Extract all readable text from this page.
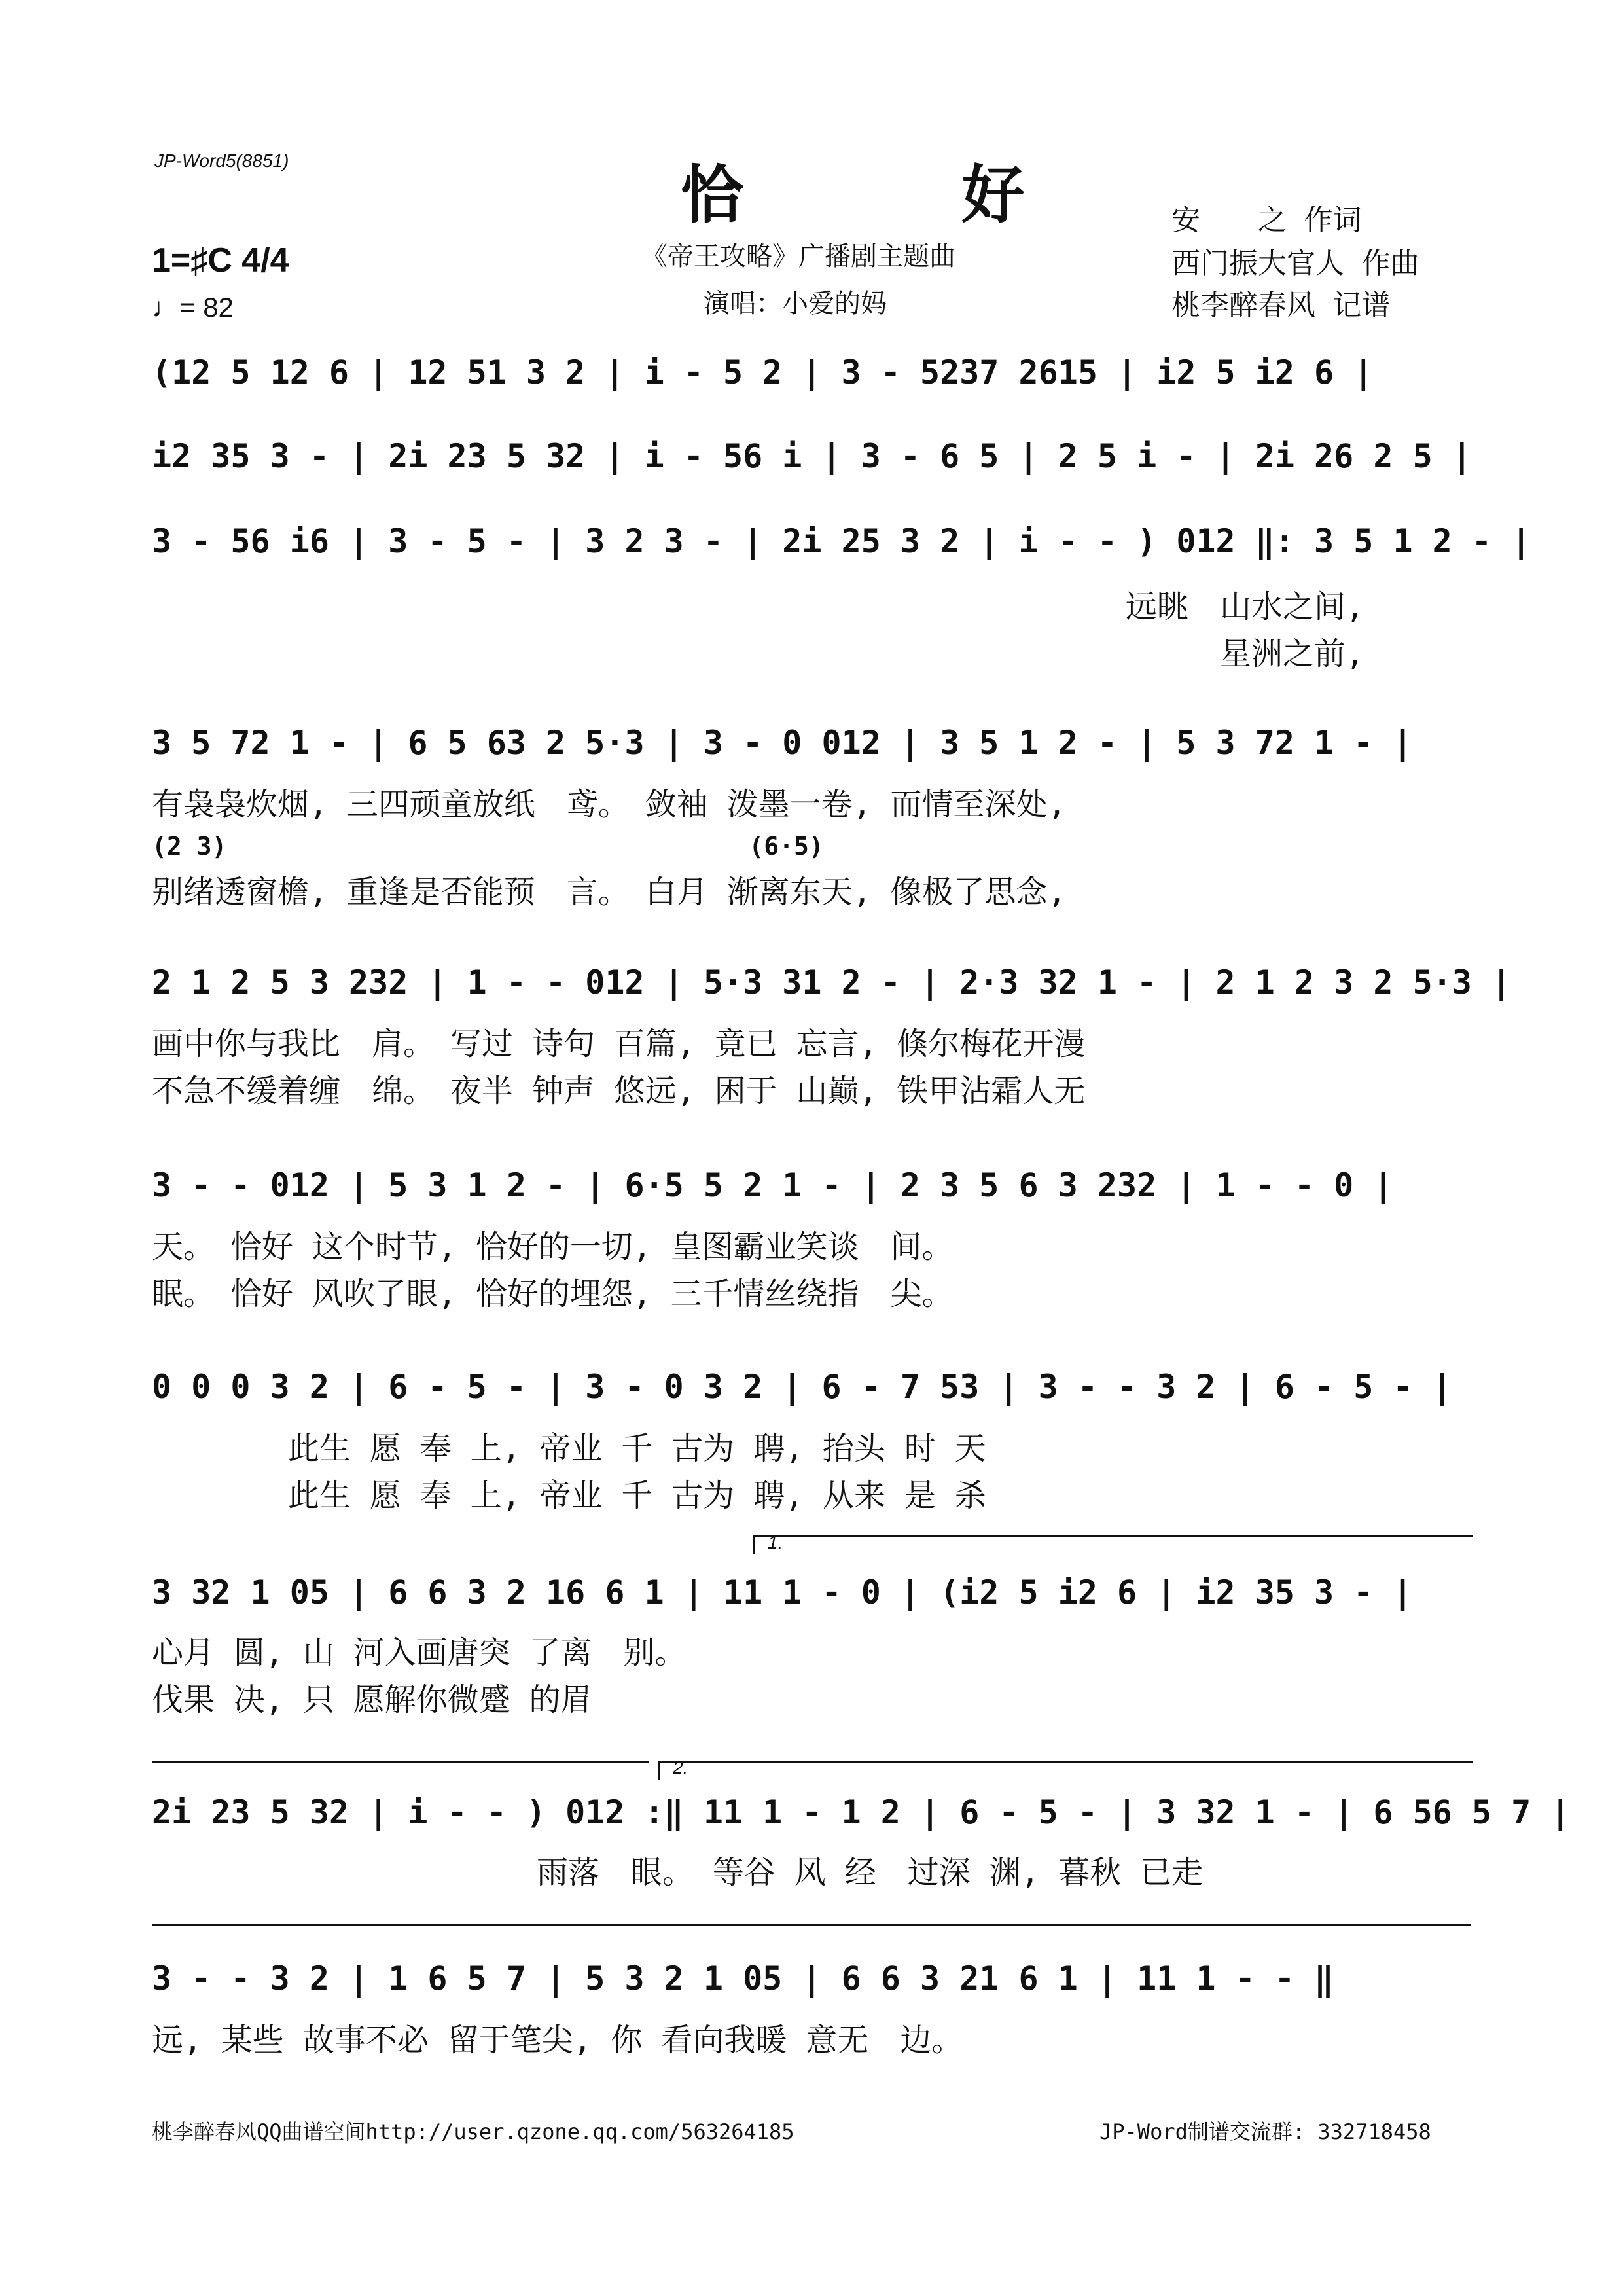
JP-Word5(8851)	恰 好
《帝王攻略》广播剧主题曲
演唱：小爱的妈
安　　之 作词
西门振大官人 作曲
桃李醉春风 记谱
1=♯C 4/4
♩= 82
(12 5 12 6 | 12 51 3 2 | i - 5 2 | 3 - 5237 2615 | i2 5 i2 6 |
i2 35 3 - | 2i 23 5 32 | i - 56 i | 3 - 6 5 | 2 5 i - | 2i 26 2 5 |
3 - 56 i6 | 3 - 5 - | 3 2 3 - | 2i 25 3 2 | i - - ) 012 ‖: 3 5 1 2 - |
远眺　山水之间,
　　　星洲之前,
3 5 72 1 - | 6 5 63 2 5·3 | 3 - 0 012 | 3 5 1 2 - | 5 3 72 1 - |
有袅袅炊烟, 三四顽童放纸　鸢。　敛袖 泼墨一卷, 而情至深处,
(2 3)　　　　　　　　　　　　　　　　　　　　　(6·5)
别绪透窗檐, 重逢是否能预　言。　白月 渐离东天, 像极了思念,
2 1 2 5 3 232 | 1 - - 012 | 5·3 31 2 - | 2·3 32 1 - | 2 1 2 3 2 5·3 |
画中你与我比　肩。　写过 诗句 百篇, 竟已 忘言, 倏尔梅花开漫
不急不缓着缠　绵。　夜半 钟声 悠远, 困于 山巅, 铁甲沾霜人无
3 - - 012 | 5 3 1 2 - | 6·5 5 2 1 - | 2 3 5 6 3 232 | 1 - - 0 |
天。　恰好 这个时节, 恰好的一切, 皇图霸业笑谈　间。
眠。　恰好 风吹了眼, 恰好的埋怨, 三千情丝绕指　尖。
0 0 0 3 2 | 6 - 5 - | 3 - 0 3 2 | 6 - 7 53 | 3 - - 3 2 | 6 - 5 - |
此生 愿 奉 上, 帝业 千 古为 聘, 抬头 时 天
此生 愿 奉 上, 帝业 千 古为 聘, 从来 是 杀
1.
3 32 1 05 | 6 6 3 2 16 6 1 | 11 1 - 0 | (i2 5 i2 6 | i2 35 3 - |
心月 圆, 山 河入画唐突 了离　别。
伐果 决, 只 愿解你微蹙 的眉
2.
2i 23 5 32 | i - - ) 012 :‖ 11 1 - 1 2 | 6 - 5 - | 3 32 1 - | 6 56 5 7 |
雨落　眼。 等谷 风 经　过深 渊, 暮秋 已走
3 - - 3 2 | 1 6 5 7 | 5 3 2 1 05 | 6 6 3 21 6 1 | 11 1 - - ‖
远, 某些 故事不必 留于笔尖, 你 看向我暖 意无　边。
桃李醉春风QQ曲谱空间http://user.qzone.qq.com/563264185	JP-Word制谱交流群: 332718458
